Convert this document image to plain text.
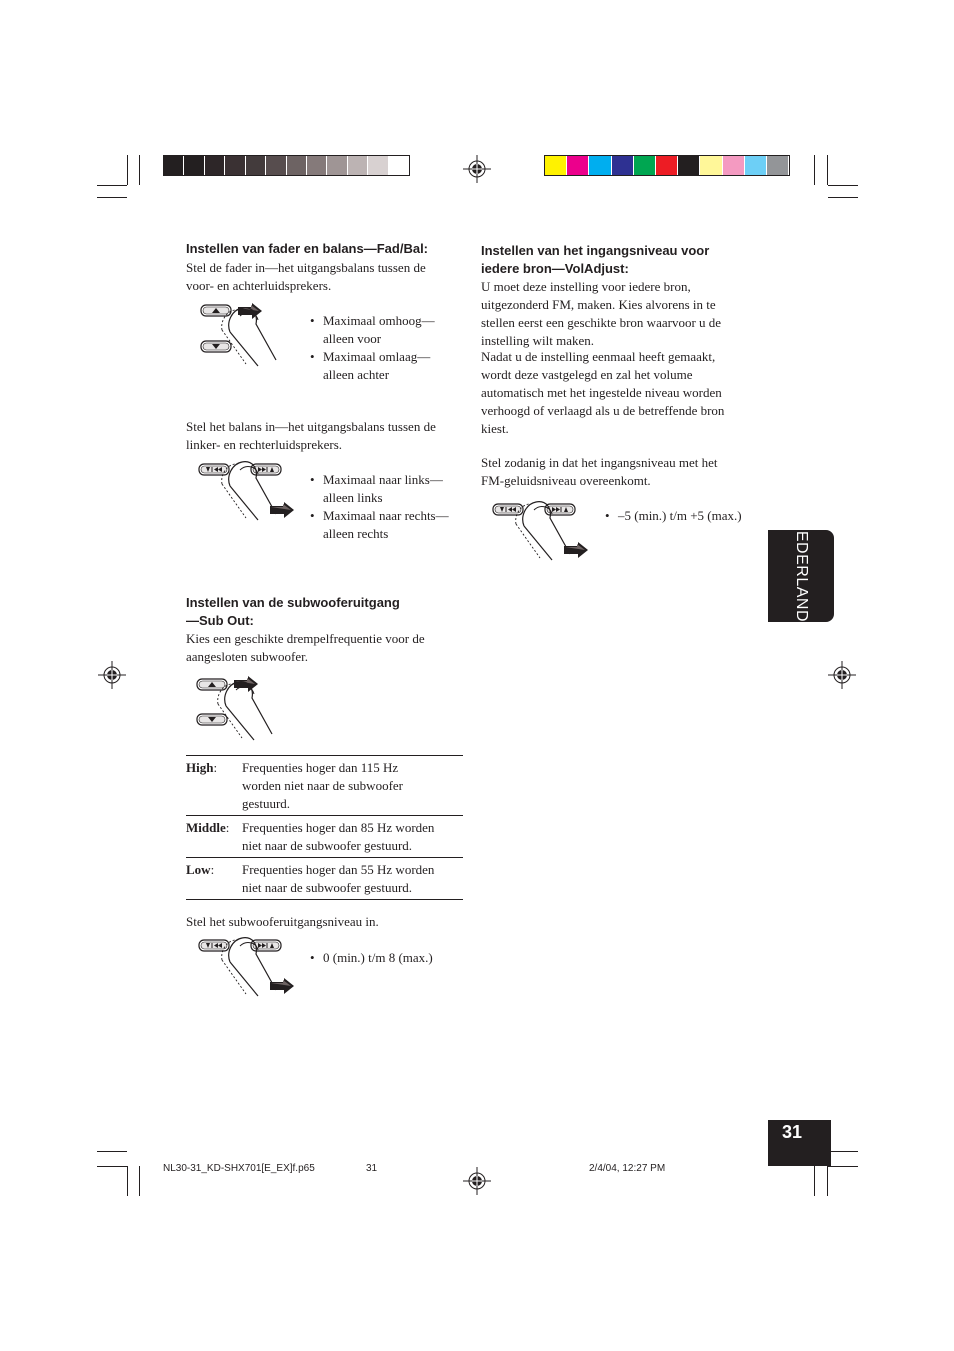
Instellen van fader en balans—Fad/Bal:
Stel de fader in—het uitgangsbalans tussen de
voor- en achterluidsprekers.
• Maximaal omhoog—
alleen voor
• Maximaal omlaag—
alleen achter
Stel het balans in—het uitgangsbalans tussen de
linker- en rechterluidsprekers.
• Maximaal naar links—
alleen links
• Maximaal naar rechts—
alleen rechts
Instellen van de subwooferuitgang
—Sub Out:
Kies een geschikte drempelfrequentie voor de
aangesloten subwoofer.
High:	Frequenties hoger dan 115 Hz
worden niet naar de subwoofer
gestuurd.

Middle:	Frequenties hoger dan 85 Hz worden
niet naar de subwoofer gestuurd.

Low:	Frequenties hoger dan 55 Hz worden
niet naar de subwoofer gestuurd.
Stel het subwooferuitgangsniveau in.
• 0 (min.) t/m 8 (max.)
Instellen van het ingangsniveau voor
iedere bron—VolAdjust:
U moet deze instelling voor iedere bron,
uitgezonderd FM, maken. Kies alvorens in te
stellen eerst een geschikte bron waarvoor u de
instelling wilt maken.
Nadat u de instelling eenmaal heeft gemaakt,
wordt deze vastgelegd en zal het volume
automatisch met het ingestelde niveau worden
verhoogd of verlaagd als u de betreffende bron
kiest.
Stel zodanig in dat het ingangsniveau met het
FM-geluidsniveau overeenkomt.
• –5 (min.) t/m +5 (max.)
NEDERLANDS
31
NL30-31_KD-SHX701[E_EX]f.p65	31	2/4/04, 12:27 PM
